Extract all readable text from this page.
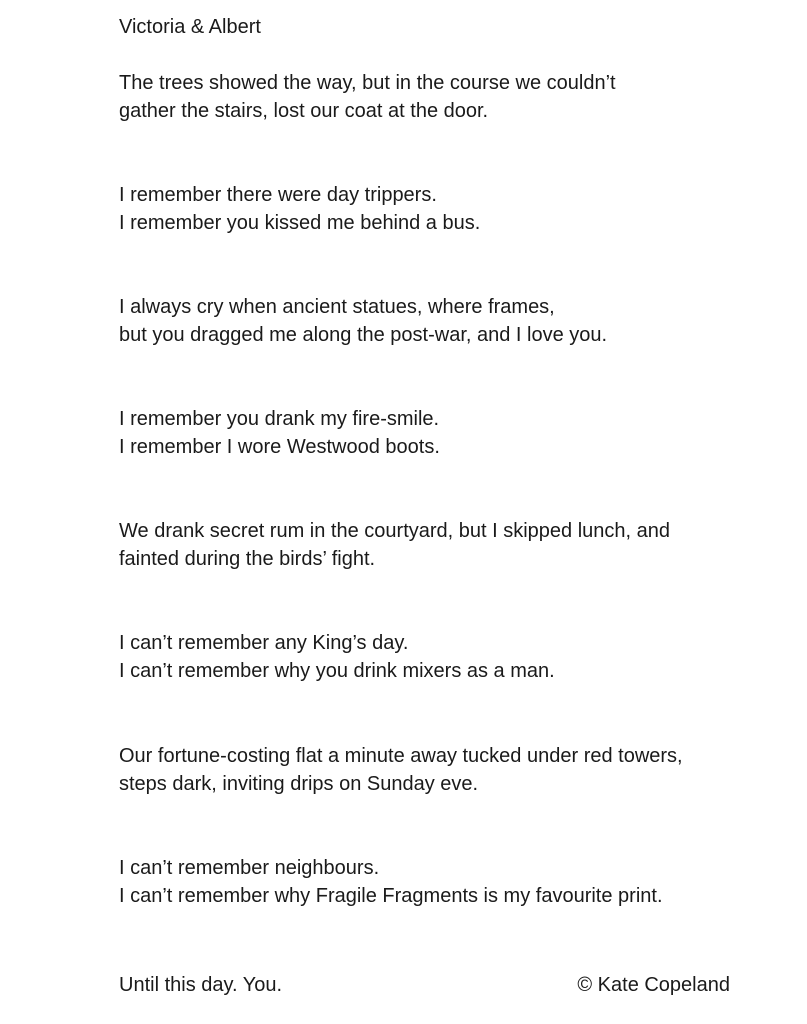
Victoria & Albert
The trees showed the way, but in the course we couldn’t
gather the stairs, lost our coat at the door.
I remember there were day trippers.
I remember you kissed me behind a bus.
I always cry when ancient statues, where frames,
but you dragged me along the post-war, and I love you.
I remember you drank my fire-smile.
I remember I wore Westwood boots.
We drank secret rum in the courtyard, but I skipped lunch, and
fainted during the birds’ fight.
I can’t remember any King’s day.
I can’t remember why you drink mixers as a man.
Our fortune-costing flat a minute away tucked under red towers,
steps dark, inviting drips on Sunday eve.
I can’t remember neighbours.
I can’t remember why Fragile Fragments is my favourite print.
Until this day. You.	© Kate Copeland
